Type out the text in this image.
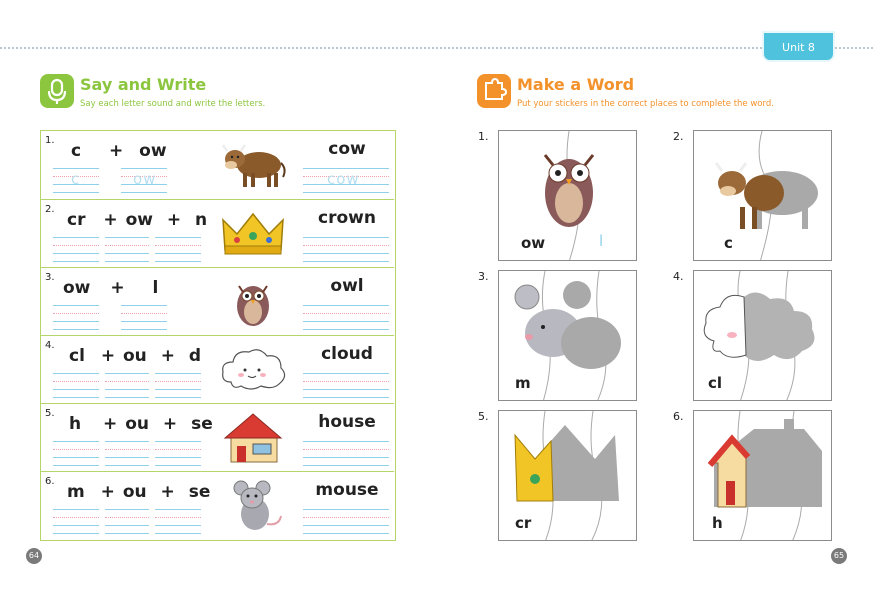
Unit 8
Say and Write
Say each letter sound and write the letters.
1.
c + ow
c	ow
cow
cow
2.
cr + ow + n	crown
3.
ow + l	owl
4.
cl + ou + d	cloud
5.
h + ou + se	house
6.
m + ou + se	mouse
Make a Word
Put your stickers in the correct places to complete the word.
1.
ow	l
2.
c
3.
m
4.
cl
5.
cr
6.
h
64	65
